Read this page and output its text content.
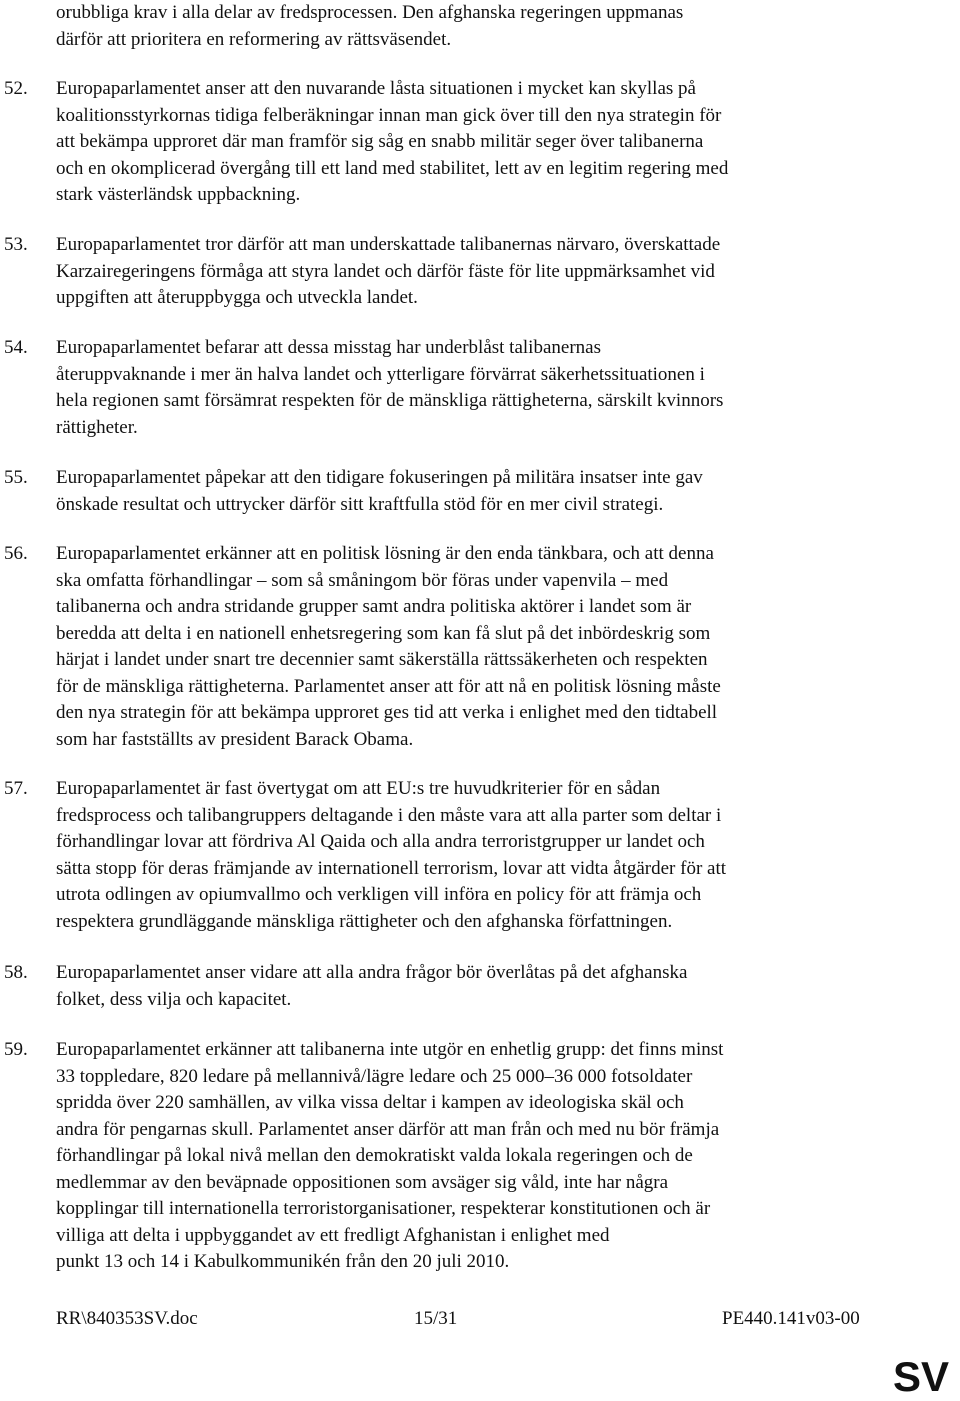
orubbliga krav i alla delar av fredsprocessen. Den afghanska regeringen uppmanas
därför att prioritera en reformering av rättsväsendet.
52. Europaparlamentet anser att den nuvarande låsta situationen i mycket kan skyllas på
koalitionsstyrkornas tidiga felberäkningar innan man gick över till den nya strategin för
att bekämpa upproret där man framför sig såg en snabb militär seger över talibanerna
och en okomplicerad övergång till ett land med stabilitet, lett av en legitim regering med
stark västerländsk uppbackning.
53. Europaparlamentet tror därför att man underskattade talibanernas närvaro, överskattade
Karzairegeringens förmåga att styra landet och därför fäste för lite uppmärksamhet vid
uppgiften att återuppbygga och utveckla landet.
54. Europaparlamentet befarar att dessa misstag har underblåst talibanernas
återuppvaknande i mer än halva landet och ytterligare förvärrat säkerhetssituationen i
hela regionen samt försämrat respekten för de mänskliga rättigheterna, särskilt kvinnors
rättigheter.
55. Europaparlamentet påpekar att den tidigare fokuseringen på militära insatser inte gav
önskade resultat och uttrycker därför sitt kraftfulla stöd för en mer civil strategi.
56. Europaparlamentet erkänner att en politisk lösning är den enda tänkbara, och att denna
ska omfatta förhandlingar – som så småningom bör föras under vapenvila – med
talibanerna och andra stridande grupper samt andra politiska aktörer i landet som är
beredda att delta i en nationell enhetsregering som kan få slut på det inbördeskrig som
härjat i landet under snart tre decennier samt säkerställa rättssäkerheten och respekten
för de mänskliga rättigheterna. Parlamentet anser att för att nå en politisk lösning måste
den nya strategin för att bekämpa upproret ges tid att verka i enlighet med den tidtabell
som har fastställts av president Barack Obama.
57. Europaparlamentet är fast övertygat om att EU:s tre huvudkriterier för en sådan
fredsprocess och talibangruppers deltagande i den måste vara att alla parter som deltar i
förhandlingar lovar att fördriva Al Qaida och alla andra terroristgrupper ur landet och
sätta stopp för deras främjande av internationell terrorism, lovar att vidta åtgärder för att
utrota odlingen av opiumvallmo och verkligen vill införa en policy för att främja och
respektera grundläggande mänskliga rättigheter och den afghanska författningen.
58. Europaparlamentet anser vidare att alla andra frågor bör överlåtas på det afghanska
folket, dess vilja och kapacitet.
59. Europaparlamentet erkänner att talibanerna inte utgör en enhetlig grupp: det finns minst
33 toppledare, 820 ledare på mellannivå/lägre ledare och 25 000–36 000 fotsoldater
spridda över 220 samhällen, av vilka vissa deltar i kampen av ideologiska skäl och
andra för pengarnas skull. Parlamentet anser därför att man från och med nu bör främja
förhandlingar på lokal nivå mellan den demokratiskt valda lokala regeringen och de
medlemmar av den beväpnade oppositionen som avsäger sig våld, inte har några
kopplingar till internationella terroristorganisationer, respekterar konstitutionen och är
villiga att delta i uppbyggandet av ett fredligt Afghanistan i enlighet med
punkt 13 och 14 i Kabulkommunikén från den 20 juli 2010.
RR\840353SV.doc	15/31	PE440.141v03-00
SV
